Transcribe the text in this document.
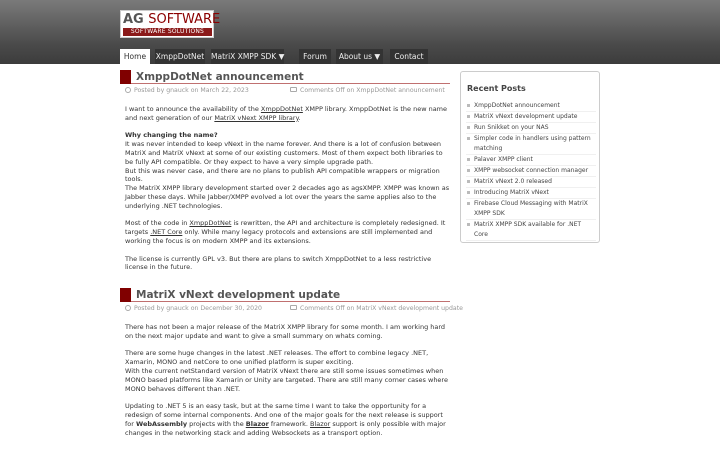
AG SOFTWARE
SOFTWARE SOLUTIONS
Home	XmppDotNet MatriX XMPP SDK ▼	Forum	About us ▼	Contact
XmppDotNet announcement
Posted by gnauck on March 22, 2023	Comments Off on XmppDotNet announcement

I want to announce the availability of the XmppDotNet XMPP library. XmppDotNet is the new name and next generation of our MatriX vNext XMPP library.

Why changing the name?
It was never intended to keep vNext in the name forever. And there is a lot of confusion between MatriX and MatriX vNext at some of our existing customers. Most of them expect both libraries to be fully API compatible. Or they expect to have a very simple upgrade path.
But this was never case, and there are no plans to publish API compatible wrappers or migration tools.
The MatriX XMPP library development started over 2 decades ago as agsXMPP. XMPP was known as Jabber these days. While Jabber/XMPP evolved a lot over the years the same applies also to the underlying .NET technologies.

Most of the code in XmppDotNet is rewritten, the API and architecture is completely redesigned. It targets .NET Core only. While many legacy protocols and extensions are still implemented and working the focus is on modern XMPP and its extensions.

The license is currently GPL v3. But there are plans to switch XmppDotNet to a less restrictive license in the future.

MatriX vNext development update
Posted by gnauck on December 30, 2020	Comments Off on MatriX vNext development update

There has not been a major release of the MatriX XMPP library for some month. I am working hard on the next major update and want to give a small summary on whats coming.

There are some huge changes in the latest .NET releases. The effort to combine legacy .NET, Xamarin, MONO and netCore to one unified platform is super exciting.
With the current netStandard version of MatriX vNext there are still some issues sometimes when MONO based platforms like Xamarin or Unity are targeted. There are still many corner cases where MONO behaves different than .NET.

Updating to .NET 5 is an easy task, but at the same time I want to take the opportunity for a redesign of some internal components. And one of the major goals for the next release is support for WebAssembly projects with the Blazor framework. Blazor support is only possible with major changes in the networking stack and adding Websockets as a transport option.

Recent Posts
XmppDotNet announcement
MatriX vNext development update
Run Snikket on your NAS
Simpler code in handlers using pattern matching
Palaver XMPP client
XMPP websocket connection manager
MatriX vNext 2.0 released
Introducing MatriX vNext
Firebase Cloud Messaging with MatriX XMPP SDK
MatriX XMPP SDK available for .NET Core
